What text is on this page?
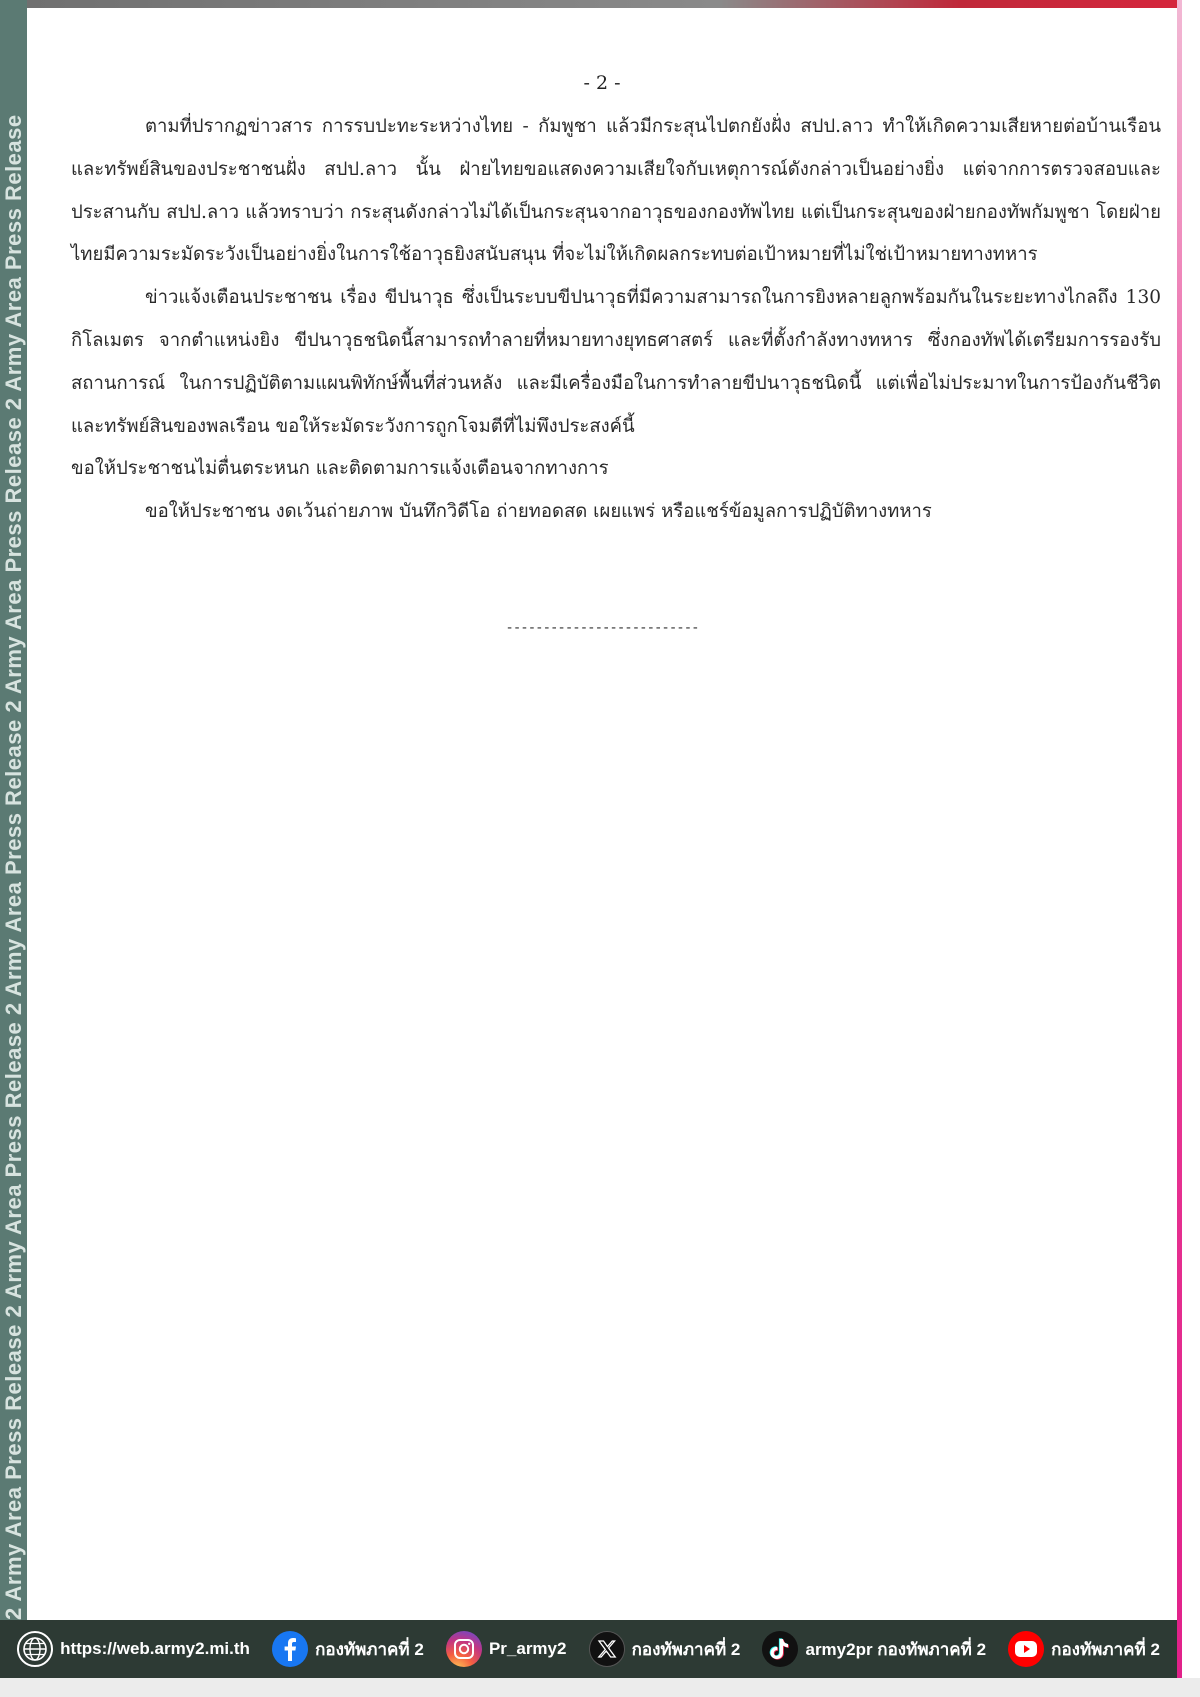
2 Army Area Press Release 2 Army Area Press Release 2 Army Area Press Release 2 Army Area Press Release 2 Army Area Press Release
- 2 -

ตามที่ปรากฏข่าวสาร การรบปะทะระหว่างไทย - กัมพูชา แล้วมีกระสุนไปตกยังฝั่ง สปป.ลาว ทำให้เกิดความเสียหายต่อบ้านเรือน และทรัพย์สินของประชาชนฝั่ง สปป.ลาว นั้น ฝ่ายไทยขอแสดงความเสียใจกับเหตุการณ์ดังกล่าวเป็นอย่างยิ่ง แต่จากการตรวจสอบและประสานกับ สปป.ลาว แล้วทราบว่า กระสุนดังกล่าวไม่ได้เป็นกระสุนจากอาวุธของกองทัพไทย แต่เป็นกระสุนของฝ่ายกองทัพกัมพูชา โดยฝ่ายไทยมีความระมัดระวังเป็นอย่างยิ่งในการใช้อาวุธยิงสนับสนุน ที่จะไม่ให้เกิดผลกระทบต่อเป้าหมายที่ไม่ใช่เป้าหมายทางทหาร

ข่าวแจ้งเตือนประชาชน เรื่อง ขีปนาวุธ ซึ่งเป็นระบบขีปนาวุธที่มีความสามารถในการยิงหลายลูกพร้อมกันในระยะทางไกลถึง 130 กิโลเมตร จากตำแหน่งยิง ขีปนาวุธชนิดนี้สามารถทำลายที่หมายทางยุทธศาสตร์ และที่ตั้งกำลังทางทหาร ซึ่งกองทัพได้เตรียมการรองรับสถานการณ์ ในการปฏิบัติตามแผนพิทักษ์พื้นที่ส่วนหลัง และมีเครื่องมือในการทำลายขีปนาวุธชนิดนี้ แต่เพื่อไม่ประมาทในการป้องกันชีวิตและทรัพย์สินของพลเรือน ขอให้ระมัดระวังการถูกโจมตีที่ไม่พึงประสงค์นี้

ขอให้ประชาชนไม่ตื่นตระหนก และติดตามการแจ้งเตือนจากทางการ

ขอให้ประชาชน งดเว้นถ่ายภาพ บันทึกวิดีโอ ถ่ายทอดสด เผยแพร่ หรือแชร์ข้อมูลการปฏิบัติทางทหาร

--------------------------
https://web.army2.mi.th	กองทัพภาคที่ 2	Pr_army2	กองทัพภาคที่ 2	army2pr กองทัพภาคที่ 2	กองทัพภาคที่ 2
